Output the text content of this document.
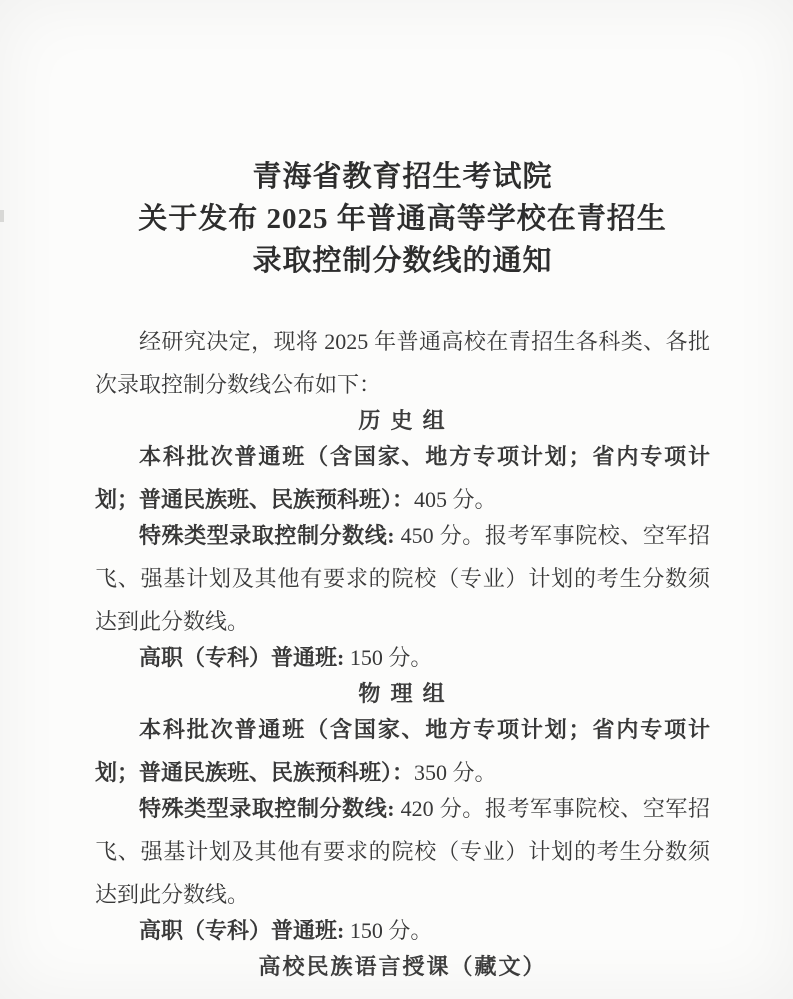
青海省教育招生考试院
关于发布 2025 年普通高等学校在青招生
录取控制分数线的通知

经研究决定，现将 2025 年普通高校在青招生各科类、各批次录取控制分数线公布如下：

历 史 组

本科批次普通班（含国家、地方专项计划；省内专项计划；普通民族班、民族预科班）：405 分。

特殊类型录取控制分数线: 450 分。报考军事院校、空军招飞、强基计划及其他有要求的院校（专业）计划的考生分数须达到此分数线。

高职（专科）普通班: 150 分。

物 理 组

本科批次普通班（含国家、地方专项计划；省内专项计划；普通民族班、民族预科班）：350 分。

特殊类型录取控制分数线: 420 分。报考军事院校、空军招飞、强基计划及其他有要求的院校（专业）计划的考生分数须达到此分数线。

高职（专科）普通班: 150 分。

高校民族语言授课（藏文）
